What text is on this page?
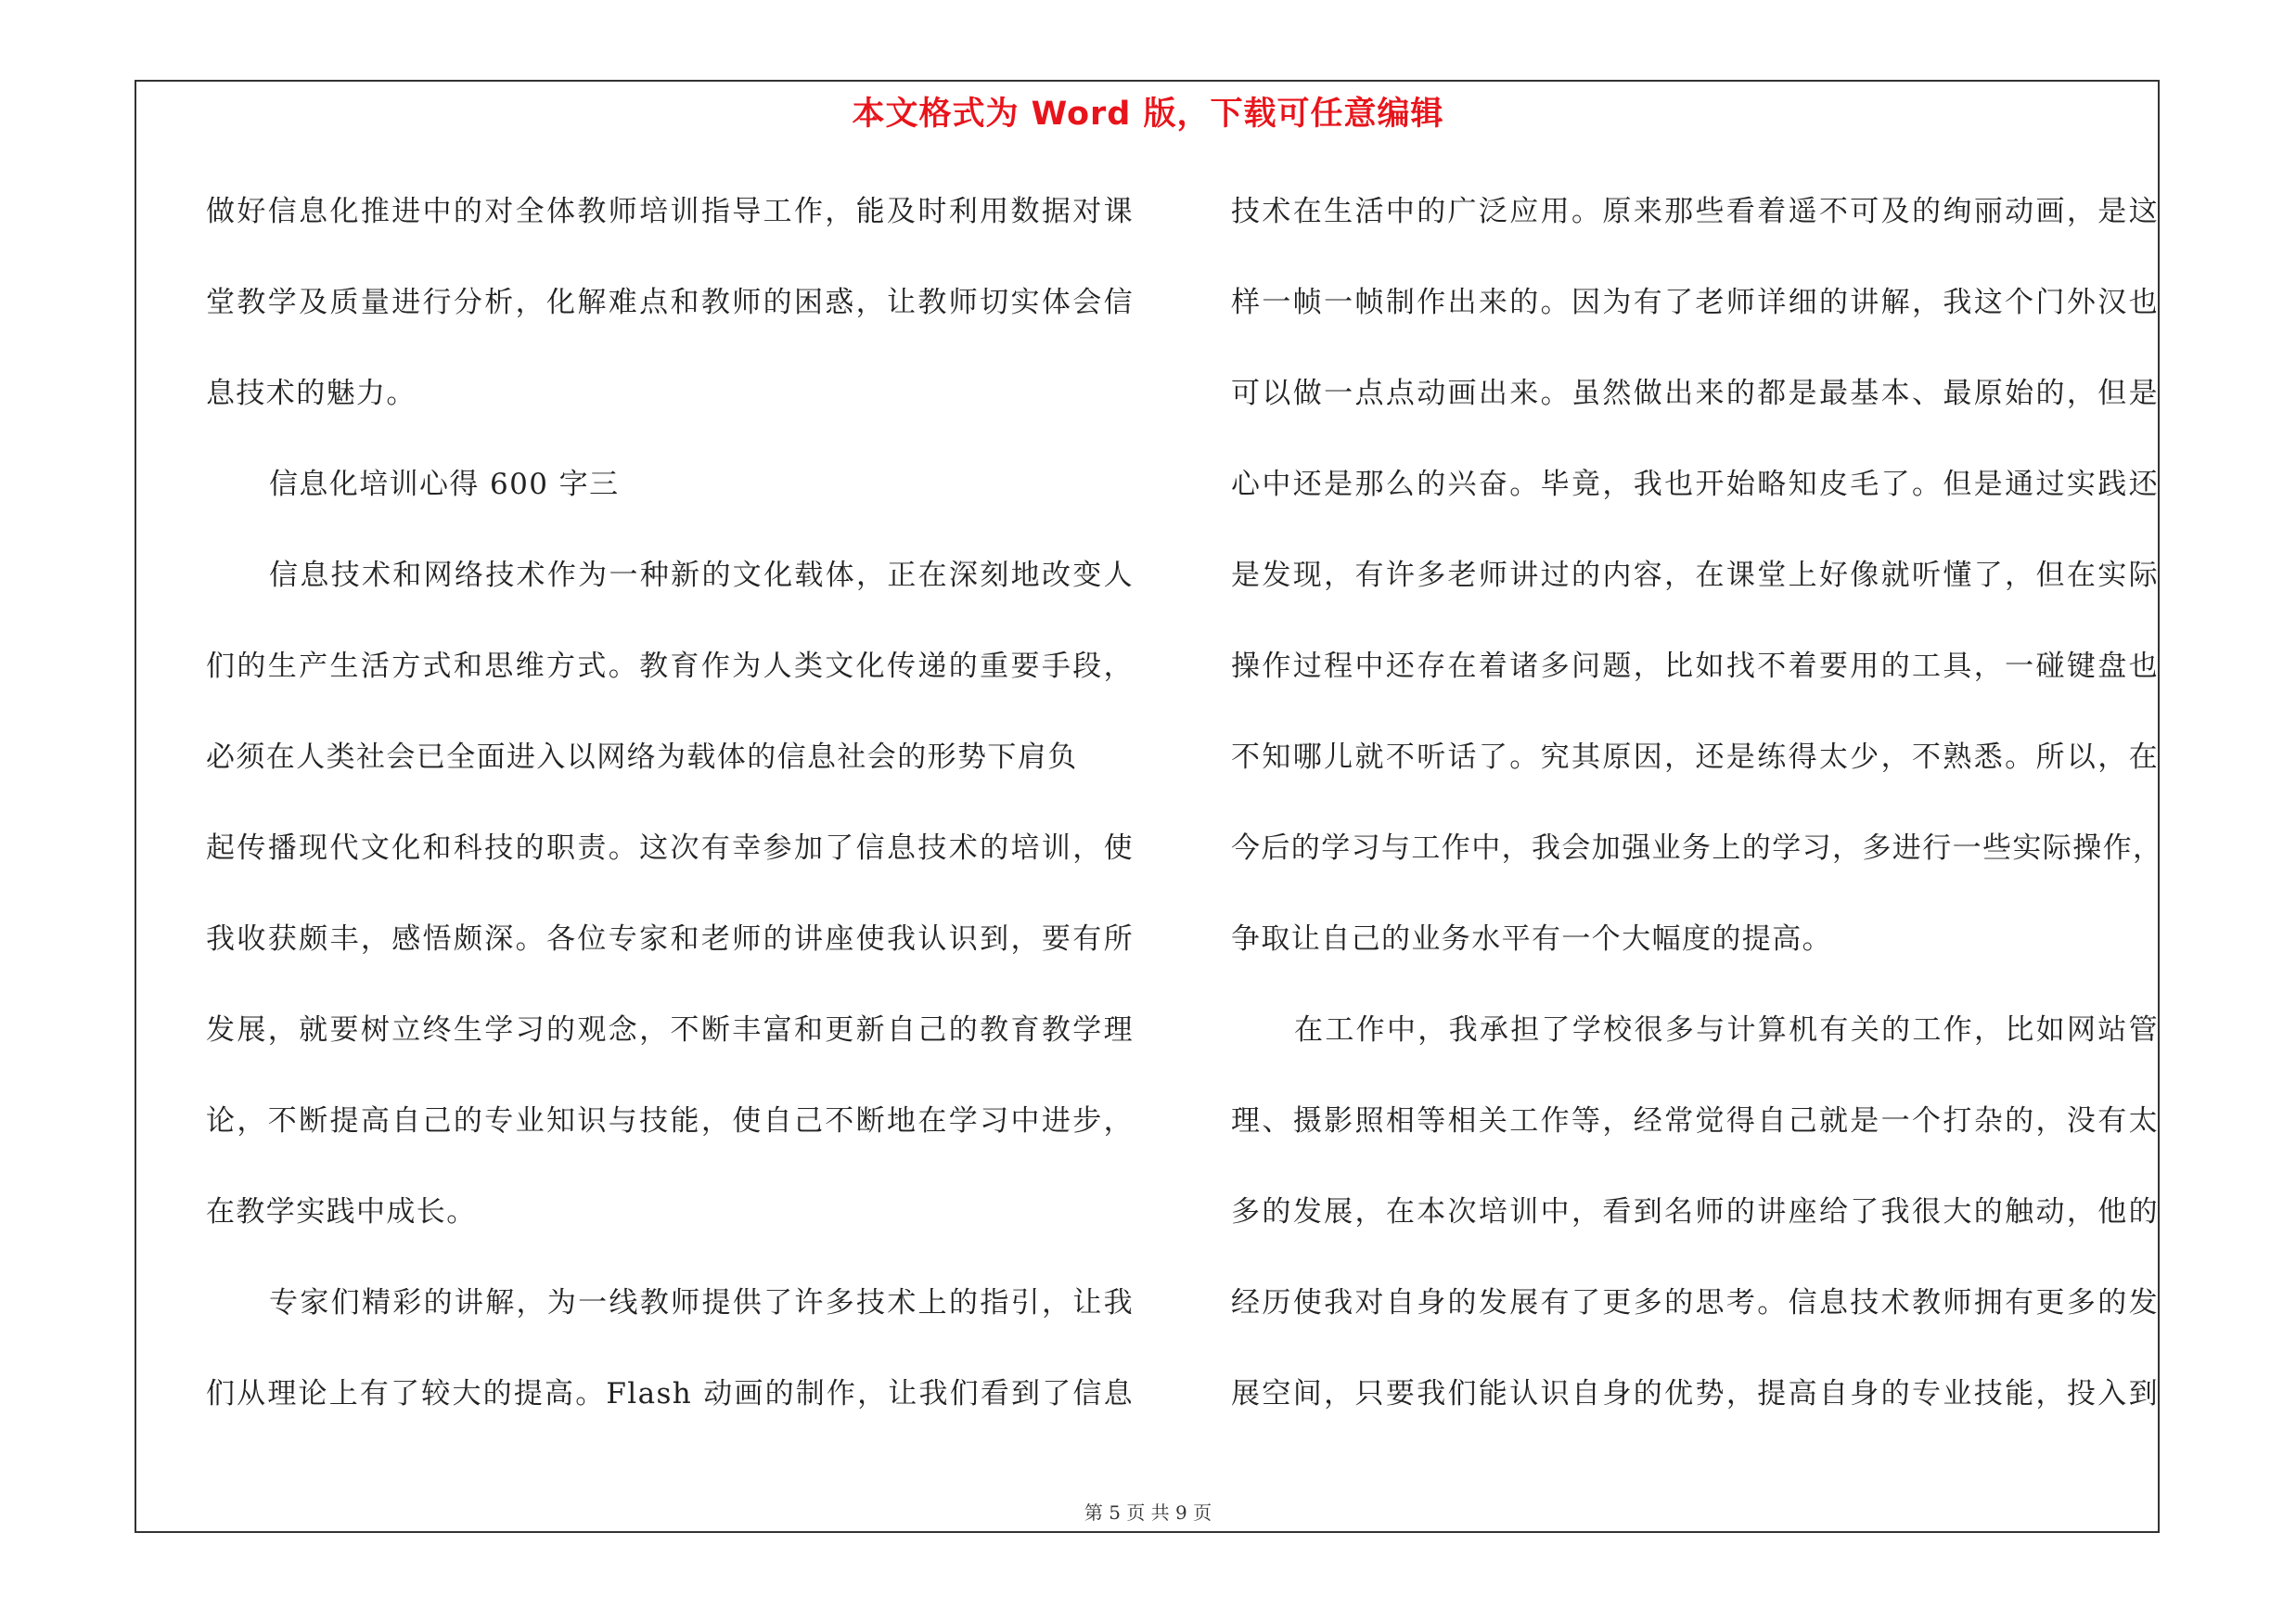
本文格式为 Word 版，下载可任意编辑
做好信息化推进中的对全体教师培训指导工作，能及时利用数据对课
堂教学及质量进行分析，化解难点和教师的困惑，让教师切实体会信
息技术的魅力。
信息化培训心得 600 字三
信息技术和网络技术作为一种新的文化载体，正在深刻地改变人
们的生产生活方式和思维方式。教育作为人类文化传递的重要手段，
必须在人类社会已全面进入以网络为载体的信息社会的形势下肩负
起传播现代文化和科技的职责。这次有幸参加了信息技术的培训，使
我收获颇丰，感悟颇深。各位专家和老师的讲座使我认识到，要有所
发展，就要树立终生学习的观念，不断丰富和更新自己的教育教学理
论，不断提高自己的专业知识与技能，使自己不断地在学习中进步，
在教学实践中成长。
专家们精彩的讲解，为一线教师提供了许多技术上的指引，让我
们从理论上有了较大的提高。Flash 动画的制作，让我们看到了信息
技术在生活中的广泛应用。原来那些看着遥不可及的绚丽动画，是这
样一帧一帧制作出来的。因为有了老师详细的讲解，我这个门外汉也
可以做一点点动画出来。虽然做出来的都是最基本、最原始的，但是
心中还是那么的兴奋。毕竟，我也开始略知皮毛了。但是通过实践还
是发现，有许多老师讲过的内容，在课堂上好像就听懂了，但在实际
操作过程中还存在着诸多问题，比如找不着要用的工具，一碰键盘也
不知哪儿就不听话了。究其原因，还是练得太少，不熟悉。所以，在
今后的学习与工作中，我会加强业务上的学习，多进行一些实际操作，
争取让自己的业务水平有一个大幅度的提高。
在工作中，我承担了学校很多与计算机有关的工作，比如网站管
理、摄影照相等相关工作等，经常觉得自己就是一个打杂的，没有太
多的发展，在本次培训中，看到名师的讲座给了我很大的触动，他的
经历使我对自身的发展有了更多的思考。信息技术教师拥有更多的发
展空间，只要我们能认识自身的优势，提高自身的专业技能，投入到
第 5 页 共 9 页
